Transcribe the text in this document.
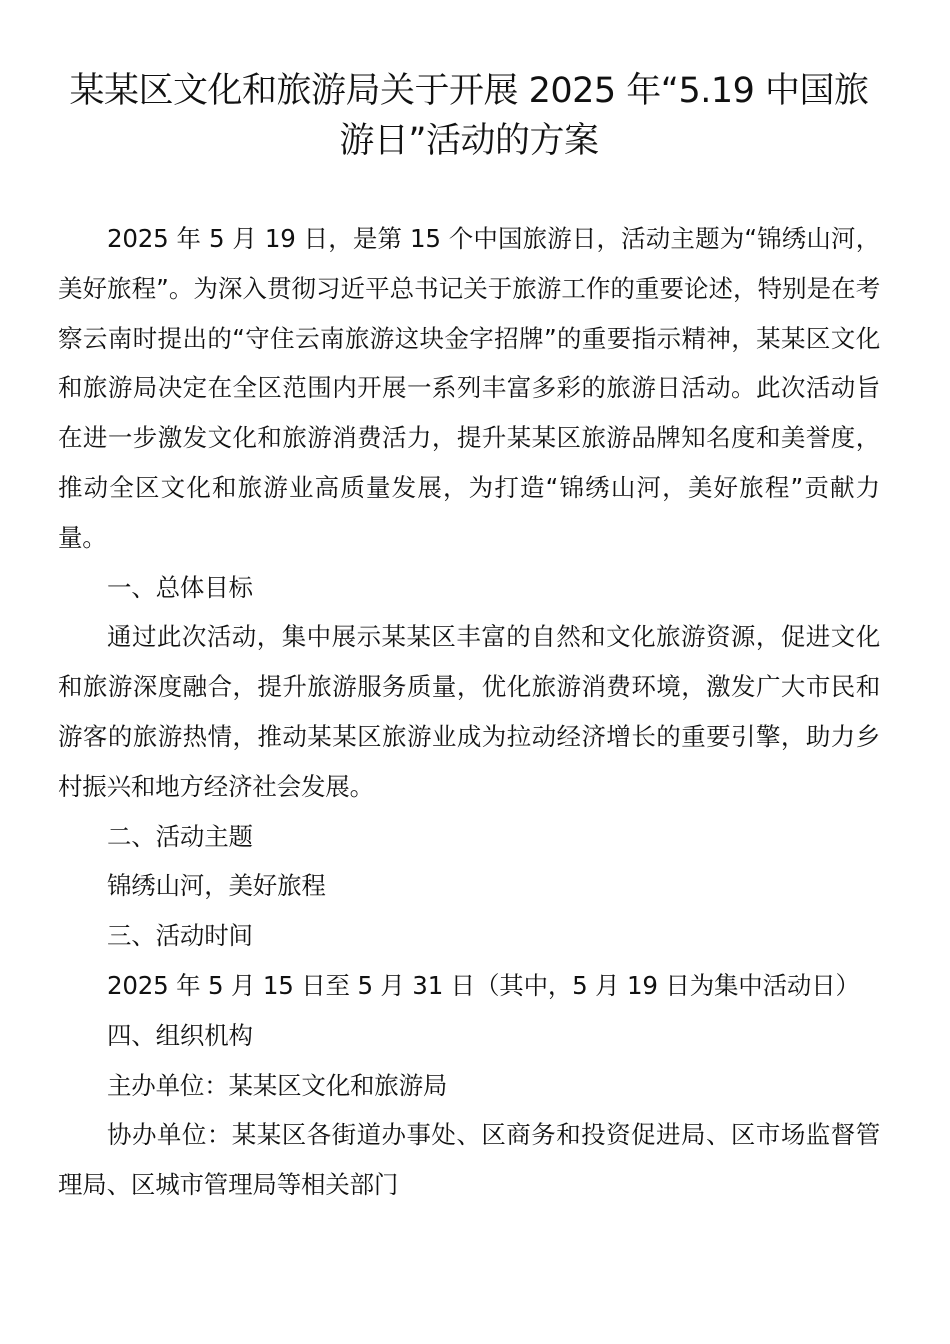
某某区文化和旅游局关于开展 2025 年“5.19 中国旅游日”活动的方案

2025 年 5 月 19 日，是第 15 个中国旅游日，活动主题为“锦绣山河，美好旅程”。为深入贯彻习近平总书记关于旅游工作的重要论述，特别是在考察云南时提出的“守住云南旅游这块金字招牌”的重要指示精神，某某区文化和旅游局决定在全区范围内开展一系列丰富多彩的旅游日活动。此次活动旨在进一步激发文化和旅游消费活力，提升某某区旅游品牌知名度和美誉度，推动全区文化和旅游业高质量发展，为打造“锦绣山河，美好旅程”贡献力量。

一、总体目标

通过此次活动，集中展示某某区丰富的自然和文化旅游资源，促进文化和旅游深度融合，提升旅游服务质量，优化旅游消费环境，激发广大市民和游客的旅游热情，推动某某区旅游业成为拉动经济增长的重要引擎，助力乡村振兴和地方经济社会发展。

二、活动主题

锦绣山河，美好旅程

三、活动时间

2025 年 5 月 15 日至 5 月 31 日（其中，5 月 19 日为集中活动日）

四、组织机构

主办单位：某某区文化和旅游局

协办单位：某某区各街道办事处、区商务和投资促进局、区市场监督管理局、区城市管理局等相关部门
